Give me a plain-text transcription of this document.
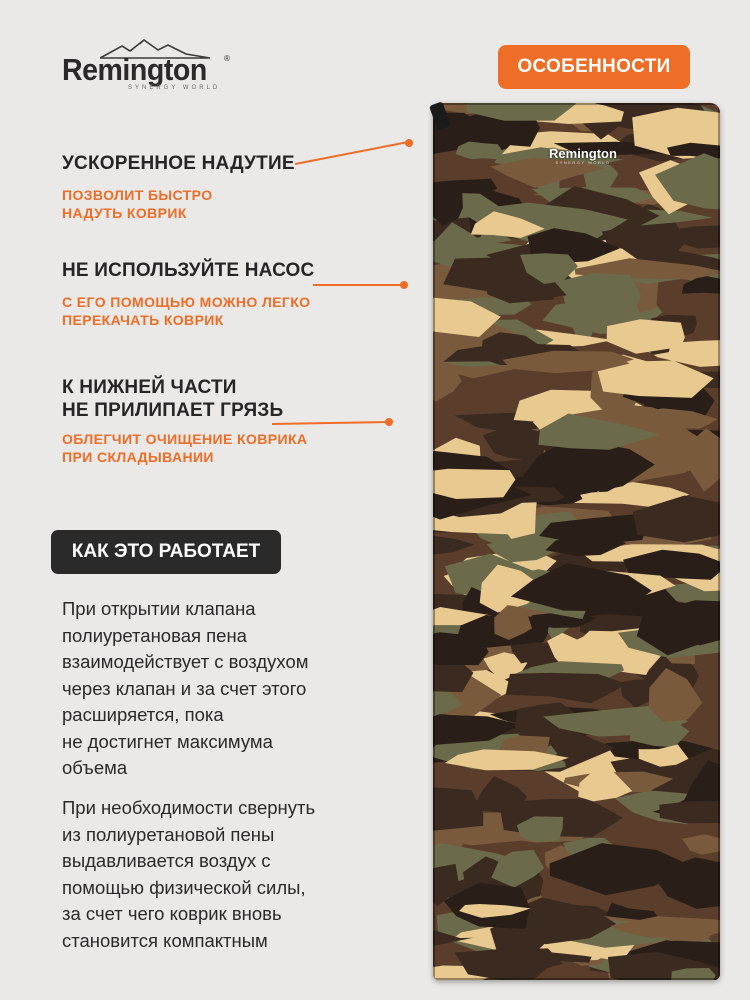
Remington ®
SYNERGY WORLD
ОСОБЕННОСТИ
УСКОРЕННОЕ НАДУТИЕ
ПОЗВОЛИТ БЫСТРО
НАДУТЬ КОВРИК
НЕ ИСПОЛЬЗУЙТЕ НАСОС
С ЕГО ПОМОЩЬЮ МОЖНО ЛЕГКО
ПЕРЕКАЧАТЬ КОВРИК
К НИЖНЕЙ ЧАСТИ
НЕ ПРИЛИПАЕТ ГРЯЗЬ
ОБЛЕГЧИТ ОЧИЩЕНИЕ КОВРИКА
ПРИ СКЛАДЫВАНИИ
КАК ЭТО РАБОТАЕТ
При открытии клапана
полиуретановая пена
взаимодействует с воздухом
через клапан и за счет этого
расширяется, пока
не достигнет максимума
объема
При необходимости свернуть
из полиуретановой пены
выдавливается воздух с
помощью физической силы,
за счет чего коврик вновь
становится компактным
Remington
SYNERGY WORLD
